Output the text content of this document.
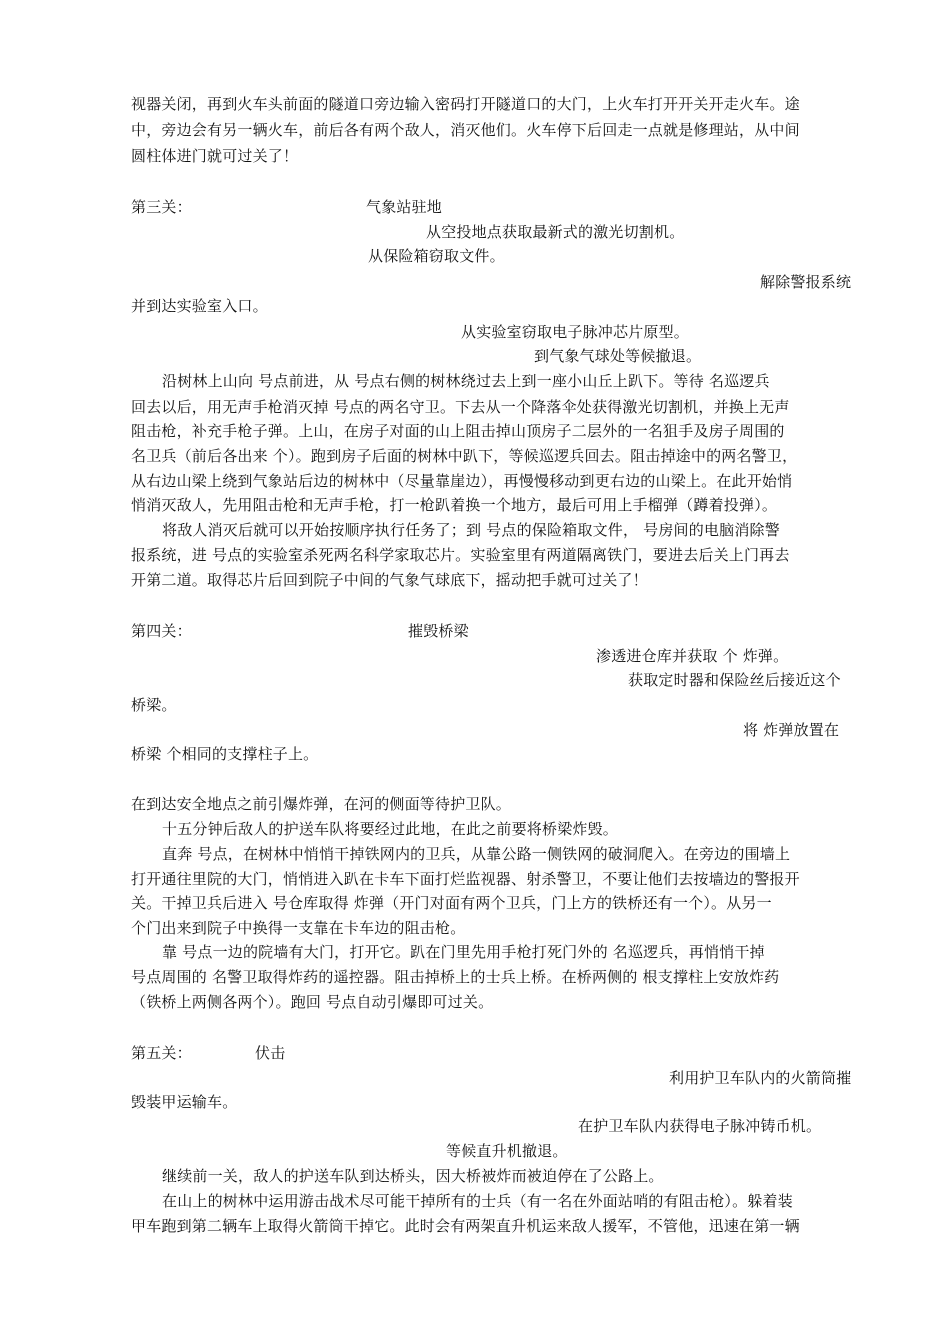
视器关闭，再到火车头前面的隧道口旁边输入密码打开隧道口的大门，上火车打开开关开走火车。途
中，旁边会有另一辆火车，前后各有两个敌人，消灭他们。火车停下后回走一点就是修理站，从中间
圆柱体进门就可过关了！
第三关：	气象站驻地
从空投地点获取最新式的激光切割机。
从保险箱窃取文件。
解除警报系统
并到达实验室入口。
从实验室窃取电子脉冲芯片原型。
到气象气球处等候撤退。
沿树林上山向 号点前进，从 号点右侧的树林绕过去上到一座小山丘上趴下。等待 名巡逻兵
回去以后，用无声手枪消灭掉 号点的两名守卫。下去从一个降落伞处获得激光切割机，并换上无声
阻击枪，补充手枪子弹。上山，在房子对面的山上阻击掉山顶房子二层外的一名狙手及房子周围的
名卫兵（前后各出来 个）。跑到房子后面的树林中趴下，等候巡逻兵回去。阻击掉途中的两名警卫，
从右边山梁上绕到气象站后边的树林中（尽量靠崖边），再慢慢移动到更右边的山梁上。在此开始悄
悄消灭敌人，先用阻击枪和无声手枪，打一枪趴着换一个地方，最后可用上手榴弹（蹲着投弹）。
将敌人消灭后就可以开始按顺序执行任务了；到 号点的保险箱取文件， 号房间的电脑消除警
报系统，进 号点的实验室杀死两名科学家取芯片。实验室里有两道隔离铁门，要进去后关上门再去
开第二道。取得芯片后回到院子中间的气象气球底下，摇动把手就可过关了！
第四关：	摧毁桥梁
渗透进仓库并获取 个 炸弹。
获取定时器和保险丝后接近这个
桥梁。
将 炸弹放置在
桥梁 个相同的支撑柱子上。
在到达安全地点之前引爆炸弹，在河的侧面等待护卫队。
十五分钟后敌人的护送车队将要经过此地，在此之前要将桥梁炸毁。
直奔 号点，在树林中悄悄干掉铁网内的卫兵，从靠公路一侧铁网的破洞爬入。在旁边的围墙上
打开通往里院的大门，悄悄进入趴在卡车下面打烂监视器、射杀警卫，不要让他们去按墙边的警报开
关。干掉卫兵后进入 号仓库取得 炸弹（开门对面有两个卫兵，门上方的铁桥还有一个）。从另一
个门出来到院子中换得一支靠在卡车边的阻击枪。
靠 号点一边的院墙有大门，打开它。趴在门里先用手枪打死门外的 名巡逻兵，再悄悄干掉
号点周围的 名警卫取得炸药的遥控器。阻击掉桥上的士兵上桥。在桥两侧的 根支撑柱上安放炸药
（铁桥上两侧各两个）。跑回 号点自动引爆即可过关。
第五关：	伏击
利用护卫车队内的火箭筒摧
毁装甲运输车。
在护卫车队内获得电子脉冲铸币机。
等候直升机撤退。
继续前一关，敌人的护送车队到达桥头，因大桥被炸而被迫停在了公路上。
在山上的树林中运用游击战术尽可能干掉所有的士兵（有一名在外面站哨的有阻击枪）。躲着装
甲车跑到第二辆车上取得火箭筒干掉它。此时会有两架直升机运来敌人援军，不管他，迅速在第一辆
